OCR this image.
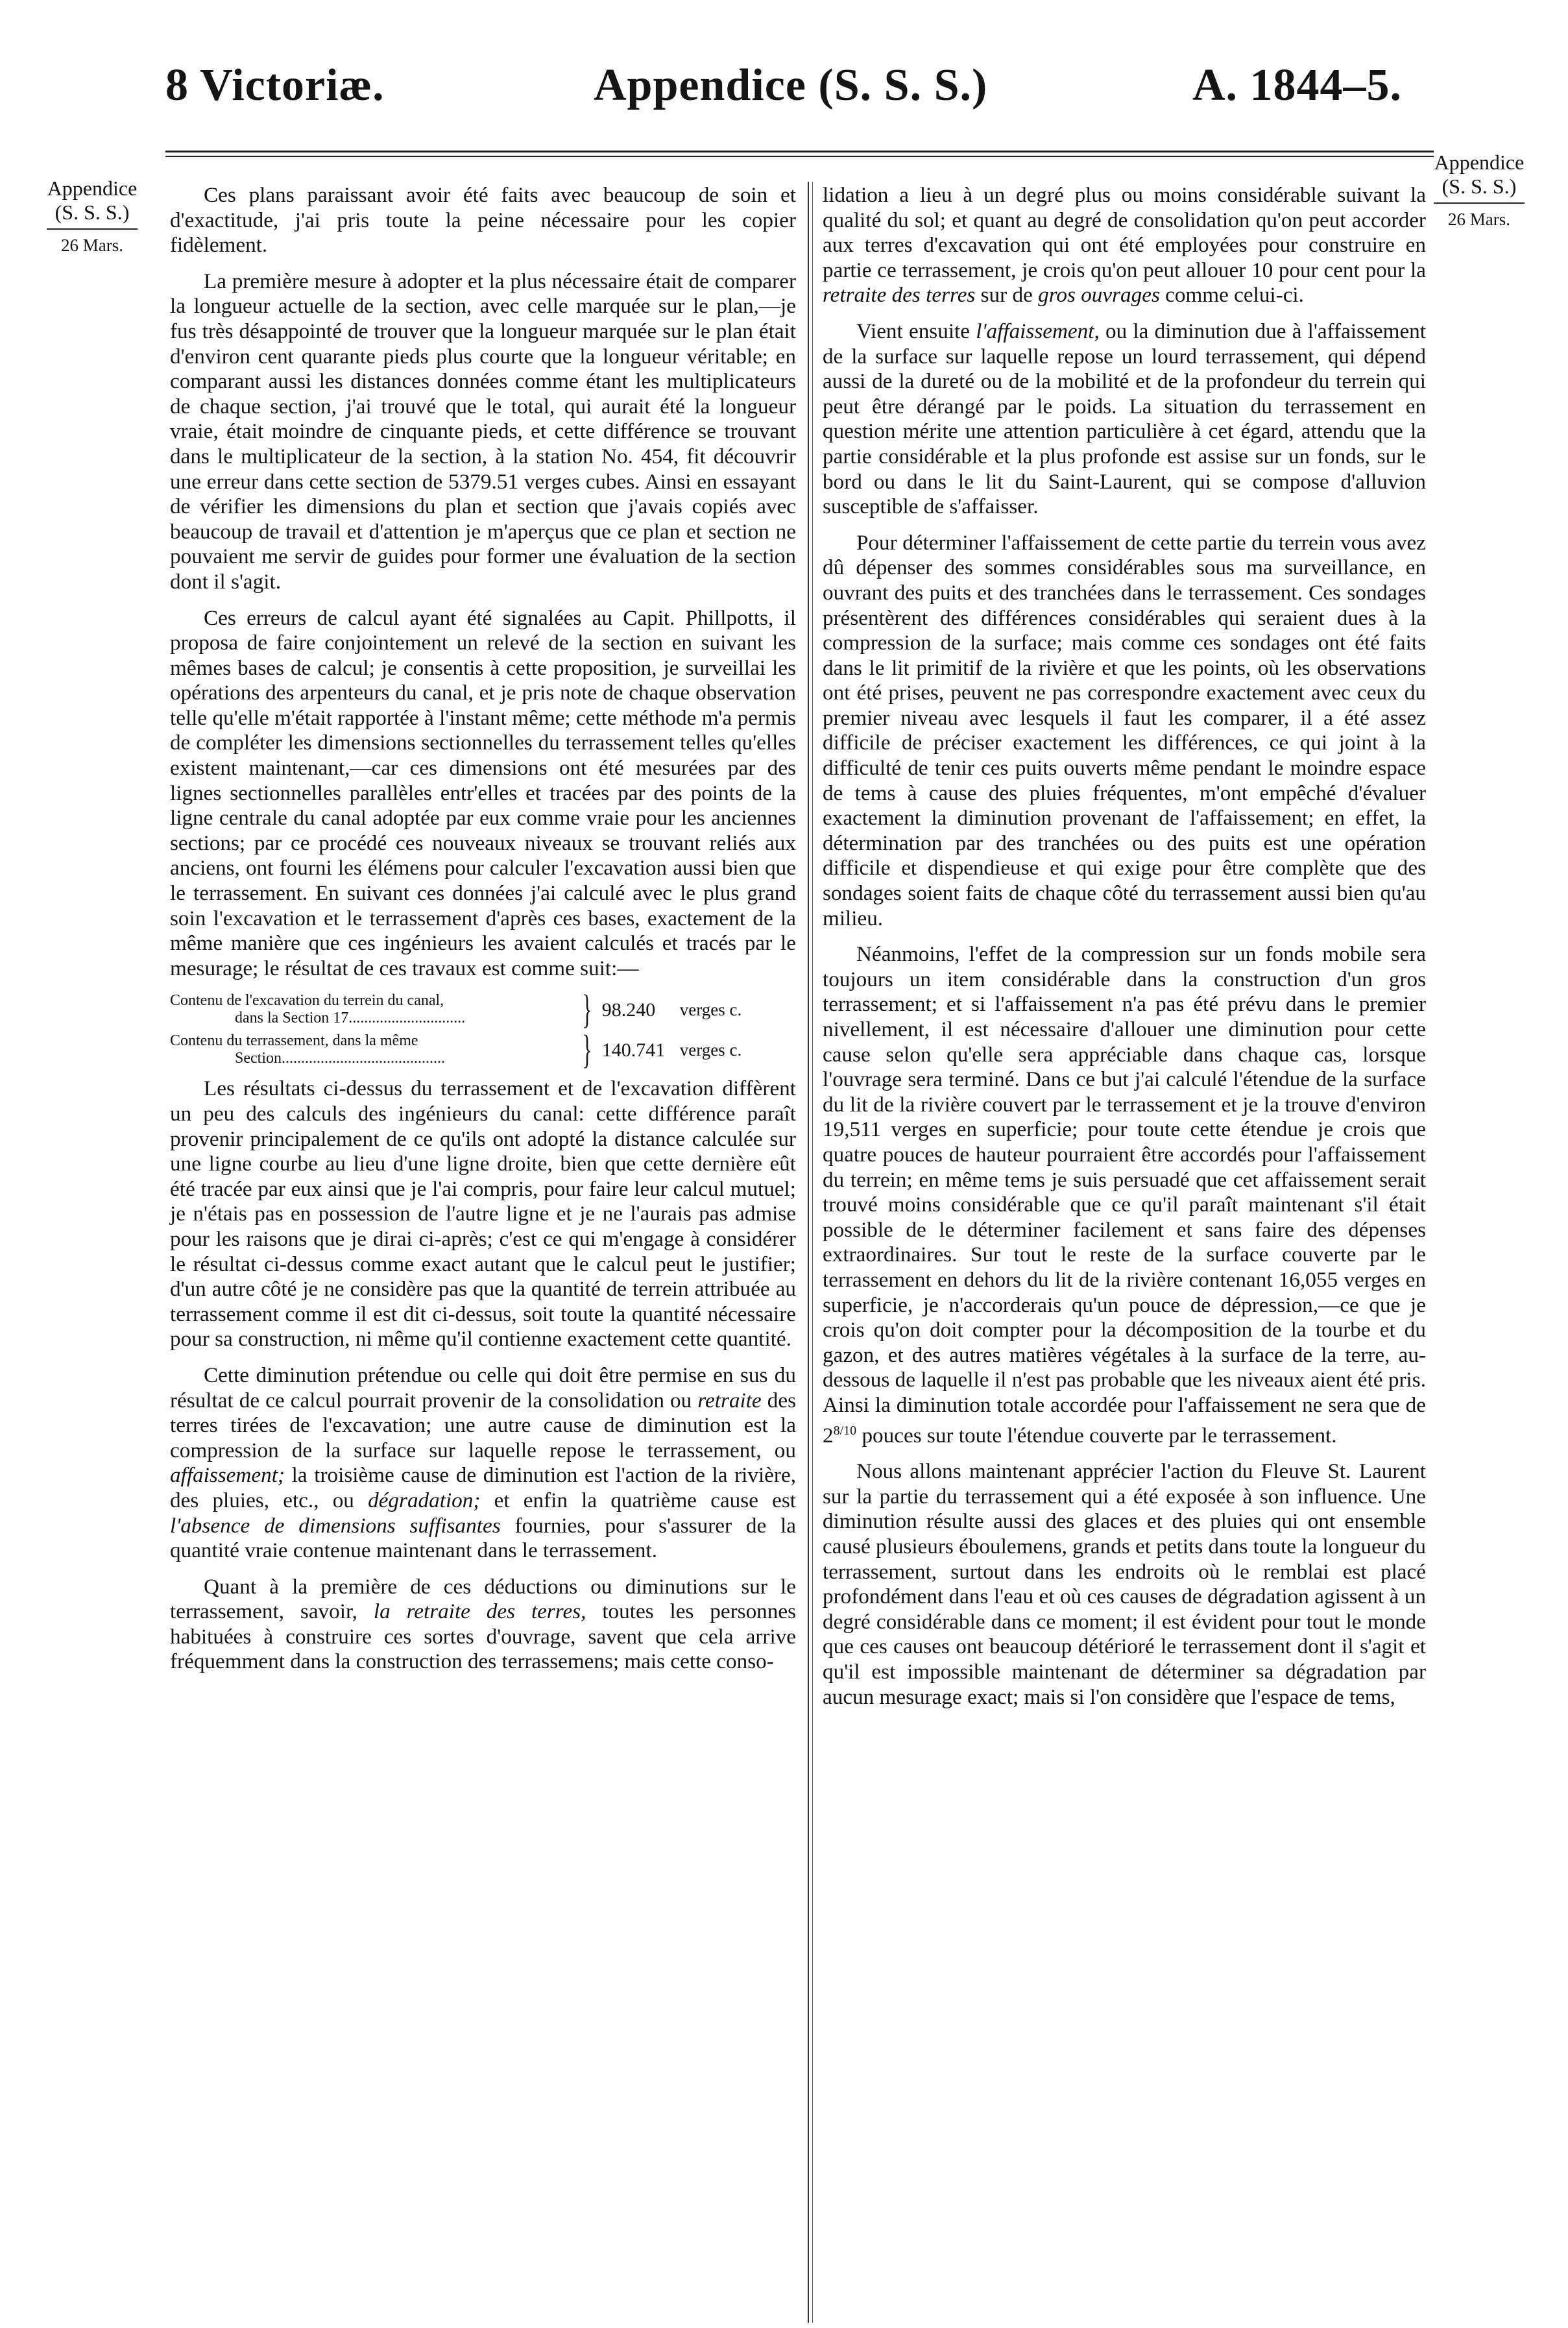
8 Victoriæ.	Appendice (S. S. S.)	A. 1844–5.
Appendice
(S. S. S.)
26 Mars.
Appendice
(S. S. S.)
26 Mars.

Ces plans paraissant avoir été faits avec beaucoup de soin et d'exactitude, j'ai pris toute la peine nécessaire pour les copier fidèlement.

La première mesure à adopter et la plus nécessaire était de comparer la longueur actuelle de la section, avec celle marquée sur le plan,—je fus très désappointé de trouver que la longueur marquée sur le plan était d'environ cent quarante pieds plus courte que la longueur véritable; en comparant aussi les distances données comme étant les multiplicateurs de chaque section, j'ai trouvé que le total, qui aurait été la longueur vraie, était moindre de cinquante pieds, et cette différence se trouvant dans le multiplicateur de la section, à la station No. 454, fit découvrir une erreur dans cette section de 5379.51 verges cubes. Ainsi en essayant de vérifier les dimensions du plan et section que j'avais copiés avec beaucoup de travail et d'attention je m'aperçus que ce plan et section ne pouvaient me servir de guides pour former une évaluation de la section dont il s'agit.

Ces erreurs de calcul ayant été signalées au Capit. Phillpotts, il proposa de faire conjointement un relevé de la section en suivant les mêmes bases de calcul; je consentis à cette proposition, je surveillai les opérations des arpenteurs du canal, et je pris note de chaque observation telle qu'elle m'était rapportée à l'instant même; cette méthode m'a permis de compléter les dimensions sectionnelles du terrassement telles qu'elles existent maintenant,—car ces dimensions ont été mesurées par des lignes sectionnelles parallèles entr'elles et tracées par des points de la ligne centrale du canal adoptée par eux comme vraie pour les anciennes sections; par ce procédé ces nouveaux niveaux se trouvant reliés aux anciens, ont fourni les élémens pour calculer l'excavation aussi bien que le terrassement. En suivant ces données j'ai calculé avec le plus grand soin l'excavation et le terrassement d'après ces bases, exactement de la même manière que ces ingénieurs les avaient calculés et tracés par le mesurage; le résultat de ces travaux est comme suit:—

Contenu de l'excavation du terrein du canal,
dans la Section 17..............................	} 98.240	verges c.
Contenu du terrassement, dans la même
Section..........................................	} 140.741 verges c.

Les résultats ci-dessus du terrassement et de l'excavation diffèrent un peu des calculs des ingénieurs du canal: cette différence paraît provenir principalement de ce qu'ils ont adopté la distance calculée sur une ligne courbe au lieu d'une ligne droite, bien que cette dernière eût été tracée par eux ainsi que je l'ai compris, pour faire leur calcul mutuel; je n'étais pas en possession de l'autre ligne et je ne l'aurais pas admise pour les raisons que je dirai ci-après; c'est ce qui m'engage à considérer le résultat ci-dessus comme exact autant que le calcul peut le justifier; d'un autre côté je ne considère pas que la quantité de terrein attribuée au terrassement comme il est dit ci-dessus, soit toute la quantité nécessaire pour sa construction, ni même qu'il contienne exactement cette quantité.

Cette diminution prétendue ou celle qui doit être permise en sus du résultat de ce calcul pourrait provenir de la consolidation ou retraite des terres tirées de l'excavation; une autre cause de diminution est la compression de la surface sur laquelle repose le terrassement, ou affaissement; la troisième cause de diminution est l'action de la rivière, des pluies, etc., ou dégradation; et enfin la quatrième cause est l'absence de dimensions suffisantes fournies, pour s'assurer de la quantité vraie contenue maintenant dans le terrassement.

Quant à la première de ces déductions ou diminutions sur le terrassement, savoir, la retraite des terres, toutes les personnes habituées à construire ces sortes d'ouvrage, savent que cela arrive fréquemment dans la construction des terrassemens; mais cette conso-

lidation a lieu à un degré plus ou moins considérable suivant la qualité du sol; et quant au degré de consolidation qu'on peut accorder aux terres d'excavation qui ont été employées pour construire en partie ce terrassement, je crois qu'on peut allouer 10 pour cent pour la retraite des terres sur de gros ouvrages comme celui-ci.

Vient ensuite l'affaissement, ou la diminution due à l'affaissement de la surface sur laquelle repose un lourd terrassement, qui dépend aussi de la dureté ou de la mobilité et de la profondeur du terrein qui peut être dérangé par le poids. La situation du terrassement en question mérite une attention particulière à cet égard, attendu que la partie considérable et la plus profonde est assise sur un fonds, sur le bord ou dans le lit du Saint-Laurent, qui se compose d'alluvion susceptible de s'affaisser.

Pour déterminer l'affaissement de cette partie du terrein vous avez dû dépenser des sommes considérables sous ma surveillance, en ouvrant des puits et des tranchées dans le terrassement. Ces sondages présentèrent des différences considérables qui seraient dues à la compression de la surface; mais comme ces sondages ont été faits dans le lit primitif de la rivière et que les points, où les observations ont été prises, peuvent ne pas correspondre exactement avec ceux du premier niveau avec lesquels il faut les comparer, il a été assez difficile de préciser exactement les différences, ce qui joint à la difficulté de tenir ces puits ouverts même pendant le moindre espace de tems à cause des pluies fréquentes, m'ont empêché d'évaluer exactement la diminution provenant de l'affaissement; en effet, la détermination par des tranchées ou des puits est une opération difficile et dispendieuse et qui exige pour être complète que des sondages soient faits de chaque côté du terrassement aussi bien qu'au milieu.

Néanmoins, l'effet de la compression sur un fonds mobile sera toujours un item considérable dans la construction d'un gros terrassement; et si l'affaissement n'a pas été prévu dans le premier nivellement, il est nécessaire d'allouer une diminution pour cette cause selon qu'elle sera appréciable dans chaque cas, lorsque l'ouvrage sera terminé. Dans ce but j'ai calculé l'étendue de la surface du lit de la rivière couvert par le terrassement et je la trouve d'environ 19,511 verges en superficie; pour toute cette étendue je crois que quatre pouces de hauteur pourraient être accordés pour l'affaissement du terrein; en même tems je suis persuadé que cet affaissement serait trouvé moins considérable que ce qu'il paraît maintenant s'il était possible de le déterminer facilement et sans faire des dépenses extraordinaires. Sur tout le reste de la surface couverte par le terrassement en dehors du lit de la rivière contenant 16,055 verges en superficie, je n'accorderais qu'un pouce de dépression,—ce que je crois qu'on doit compter pour la décomposition de la tourbe et du gazon, et des autres matières végétales à la surface de la terre, au-dessous de laquelle il n'est pas probable que les niveaux aient été pris. Ainsi la diminution totale accordée pour l'affaissement ne sera que de $2^{8/10}$ pouces sur toute l'étendue couverte par le terrassement.

Nous allons maintenant apprécier l'action du Fleuve St. Laurent sur la partie du terrassement qui a été exposée à son influence. Une diminution résulte aussi des glaces et des pluies qui ont ensemble causé plusieurs éboulemens, grands et petits dans toute la longueur du terrassement, surtout dans les endroits où le remblai est placé profondément dans l'eau et où ces causes de dégradation agissent à un degré considérable dans ce moment; il est évident pour tout le monde que ces causes ont beaucoup détérioré le terrassement dont il s'agit et qu'il est impossible maintenant de déterminer sa dégradation par aucun mesurage exact; mais si l'on considère que l'espace de tems,
